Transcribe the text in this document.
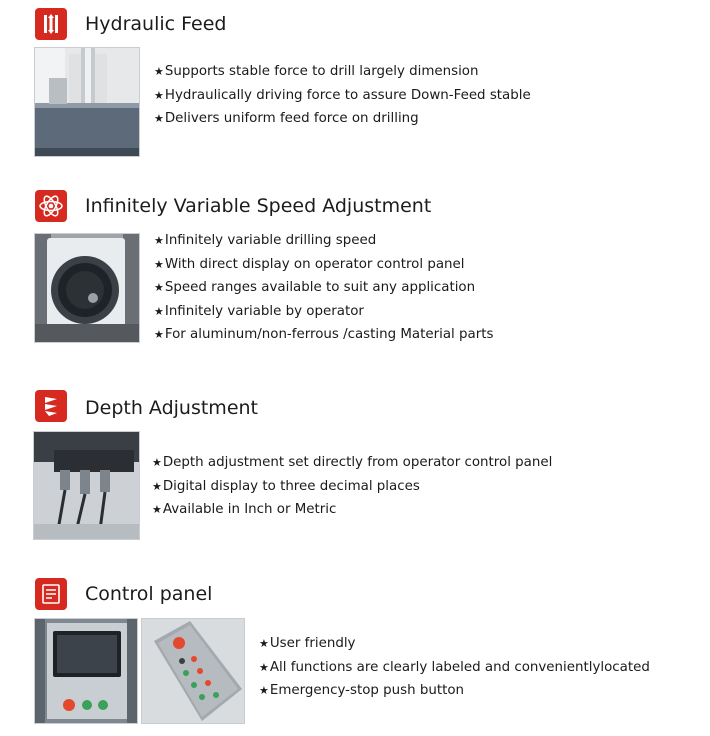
Hydraulic Feed
★ Supports stable force to drill largely dimension
★ Hydraulically driving force to assure Down-Feed stable
★ Delivers uniform feed force on drilling
Infinitely Variable Speed Adjustment
★ Infinitely variable drilling speed
★ With direct display on operator control panel
★ Speed ranges available to suit any application
★ Infinitely variable by operator
★ For aluminum/non-ferrous /casting Material parts
Depth Adjustment
★ Depth adjustment set directly from operator control panel
★ Digital display to three decimal places
★ Available in Inch or Metric
Control panel
★ User friendly
★ All functions are clearly labeled and convenientlylocated
★ Emergency-stop push button
